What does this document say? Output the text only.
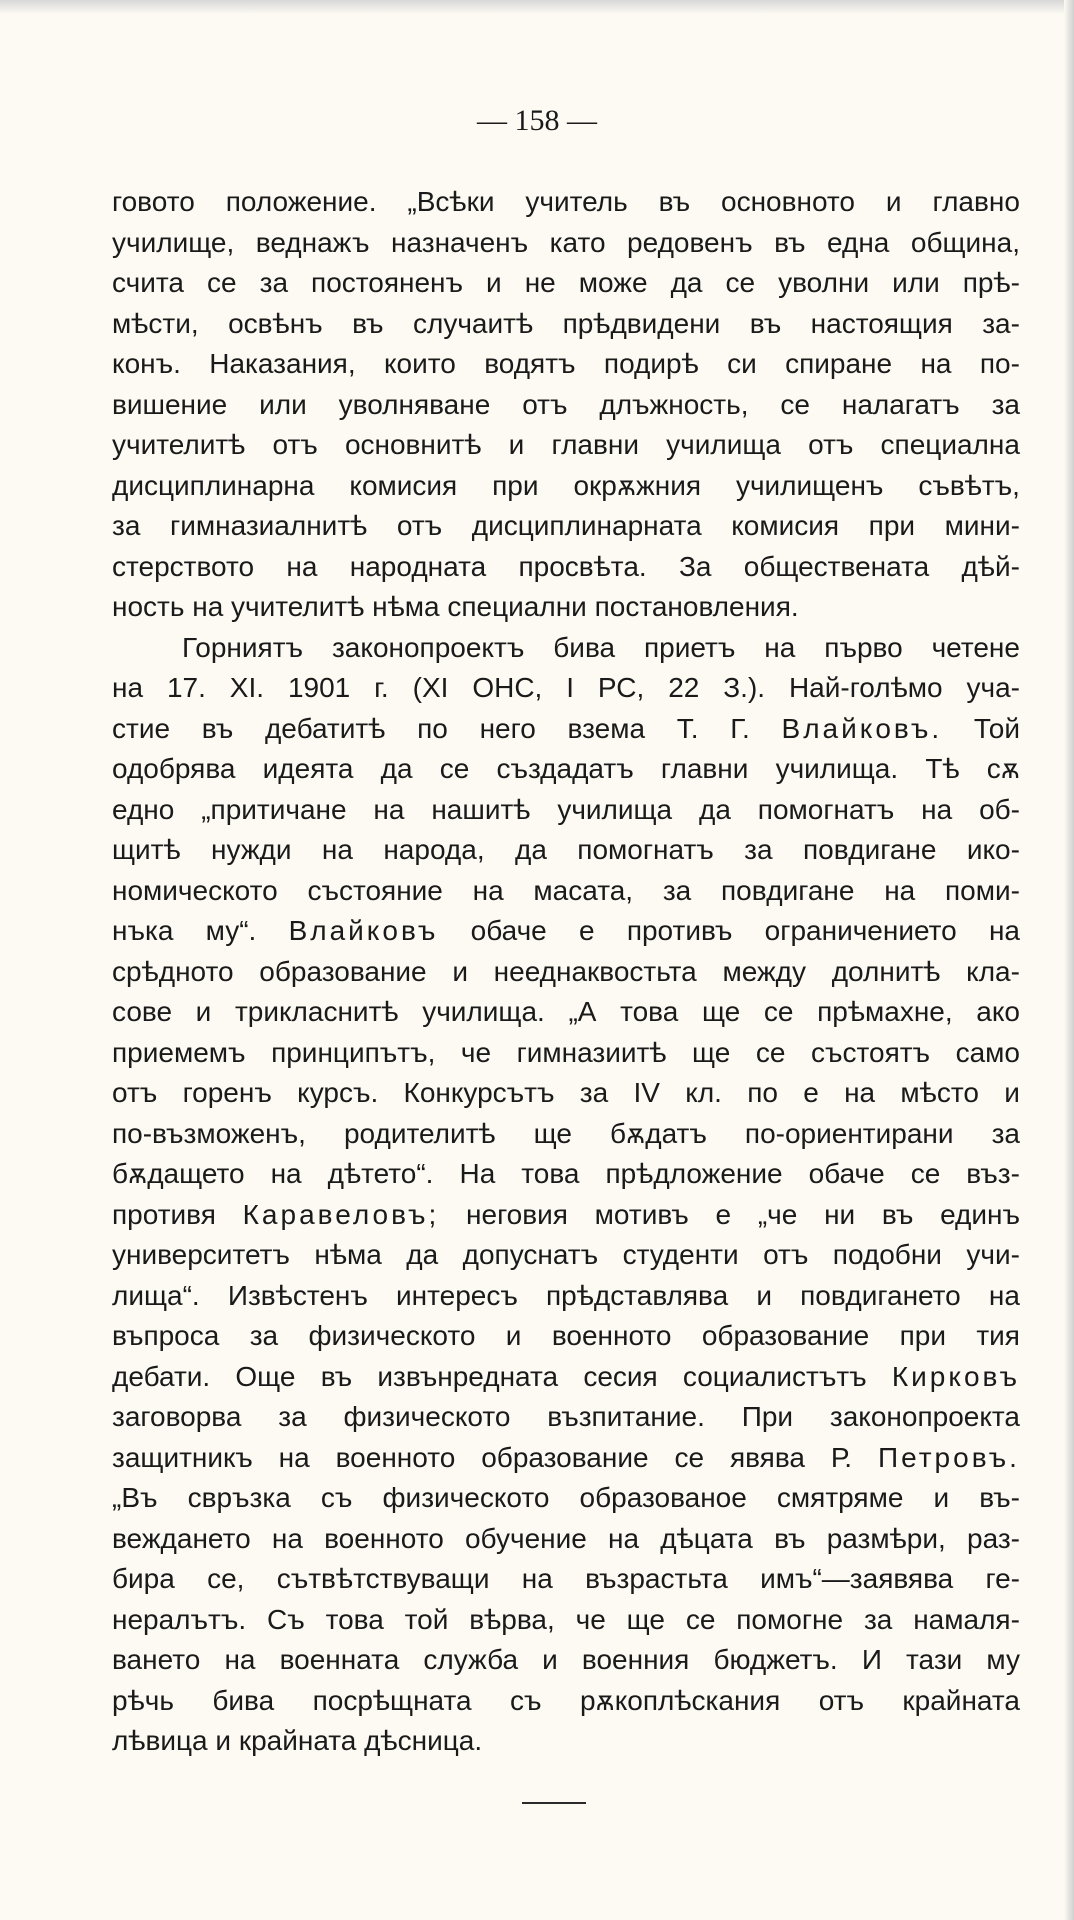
— 158 —
говото положение. „Всѣки учитель въ основното и главно
училище, веднажъ назначенъ като редовенъ въ една община,
счита се за постояненъ и не може да се уволни или прѣ-
мѣсти, освѣнъ въ случаитѣ прѣдвидени въ настоящия за-
конъ. Наказания, които водятъ подирѣ си спиране на по-
вишение или уволняване отъ длъжность, се налагатъ за
учителитѣ отъ основнитѣ и главни училища отъ специална
дисциплинарна комисия при окрѫжния училищенъ съвѣтъ,
за гимназиалнитѣ отъ дисциплинарната комисия при мини-
стерството на народната просвѣта. За обществената дѣй-
ность на учителитѣ нѣма специални постановления.
Горниятъ законопроектъ бива приетъ на първо четене
на 17. XI. 1901 г. (XI ОНС, I РС, 22 З.). Най-голѣмо уча-
стие въ дебатитѣ по него взема Т. Г. Влайковъ. Той
одобрява идеята да се създадатъ главни училища. Тѣ сѫ
едно „притичане на нашитѣ училища да помогнатъ на об-
щитѣ нужди на народа, да помогнатъ за повдигане ико-
номическото състояние на масата, за повдигане на поми-
нъка му“. Влайковъ обаче е противъ ограничението на
срѣдното образование и нееднаквостьта между долнитѣ кла-
сове и трикласнитѣ училища. „А това ще се прѣмахне, ако
приемемъ принципътъ, че гимназиитѣ ще се състоятъ само
отъ горенъ курсъ. Конкурсътъ за IV кл. по е на мѣсто и
по-възможенъ, родителитѣ ще бѫдатъ по-ориентирани за
бѫдащето на дѣтето“. На това прѣдложение обаче се въз-
противя Каравеловъ; неговия мотивъ е „че ни въ единъ
университетъ нѣма да допуснатъ студенти отъ подобни учи-
лища“. Извѣстенъ интересъ прѣдставлява и повдигането на
въпроса за физическото и военното образование при тия
дебати. Още въ извънредната сесия социалистътъ Кирковъ
заговорва за физическото възпитание. При законопроекта
защитникъ на военното образование се явява Р. Петровъ.
„Въ свръзка съ физическото образованое смятряме и въ-
веждането на военното обучение на дѣцата въ размѣри, раз-
бира се, сътвѣтствуващи на възрастьта имъ“—заявява ге-
нералътъ. Съ това той вѣрва, че ще се помогне за намаля-
ването на военната служба и военния бюджетъ. И тази му
рѣчь бива посрѣщната съ рѫкоплѣскания отъ крайната
лѣвица и крайната дѣсница.
